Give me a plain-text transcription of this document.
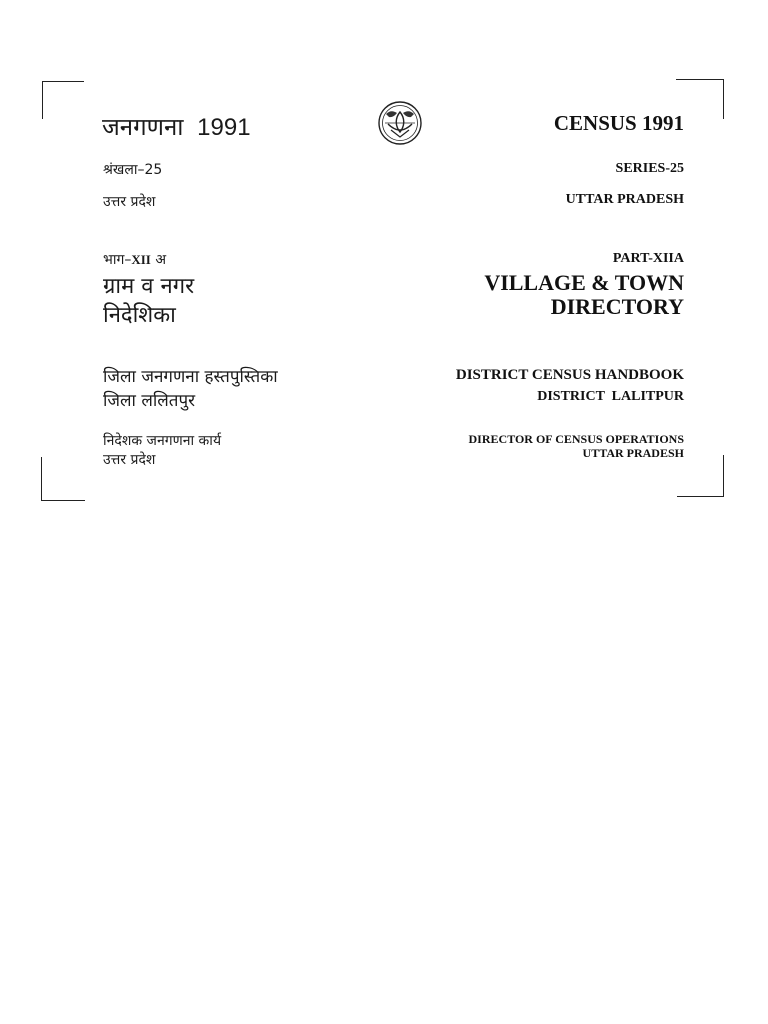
जनगणना 1991
श्रंखला–25
उत्तर प्रदेश
भाग–XII अ
ग्राम व नगर
निदेशिका
जिला जनगणना हस्तपुस्तिका
जिला ललितपुर
निदेशक जनगणना कार्य
उत्तर प्रदेश
CENSUS 1991
SERIES-25
UTTAR PRADESH
PART-XIIA
VILLAGE & TOWN
DIRECTORY
DISTRICT CENSUS HANDBOOK
DISTRICT  LALITPUR
DIRECTOR OF CENSUS OPERATIONS
UTTAR PRADESH
